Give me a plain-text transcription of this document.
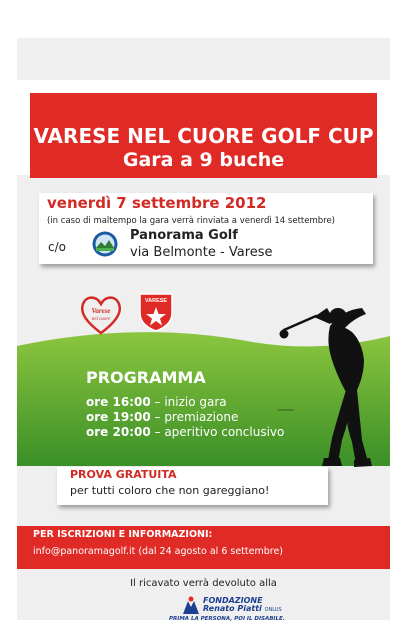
VARESE NEL CUORE GOLF CUP
Gara a 9 buche
venerdì 7 settembre 2012
(in caso di maltempo la gara verrà rinviata a venerdì 14 settembre)
c/o
Panorama Golf
via Belmonte - Varese
Varese
nel cuore
VARESE
PROGRAMMA
ore 16:00 – inizio gara
ore 19:00 – premiazione
ore 20:00 – aperitivo conclusivo
PROVA GRATUITA
per tutti coloro che non gareggiano!
PER ISCRIZIONI E INFORMAZIONI:
info@panoramagolf.it (dal 24 agosto al 6 settembre)
Il ricavato verrà devoluto alla
FONDAZIONE
Renato Piatti ONLUS
PRIMA LA PERSONA, POI IL DISABILE.
